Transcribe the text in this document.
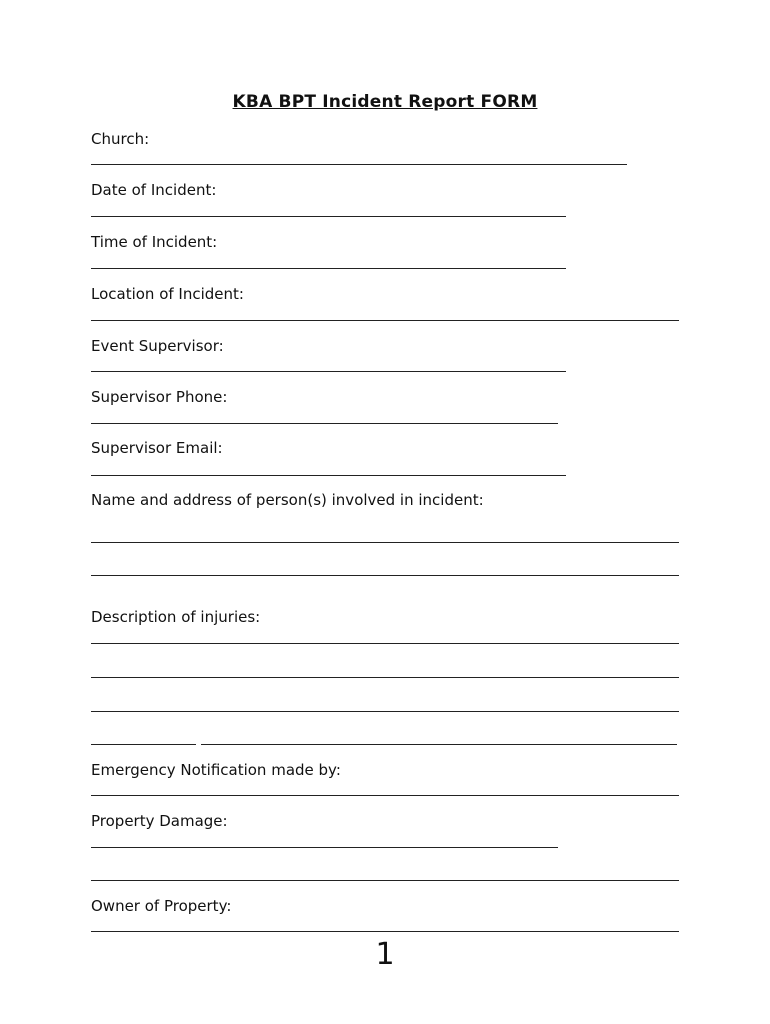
KBA BPT Incident Report FORM
Church:
Date of Incident:
Time of Incident:
Location of Incident:
Event Supervisor:
Supervisor Phone:
Supervisor Email:
Name and address of person(s) involved in incident:
Description of injuries:
Emergency Notification made by:
Property Damage:
Owner of Property:
1
